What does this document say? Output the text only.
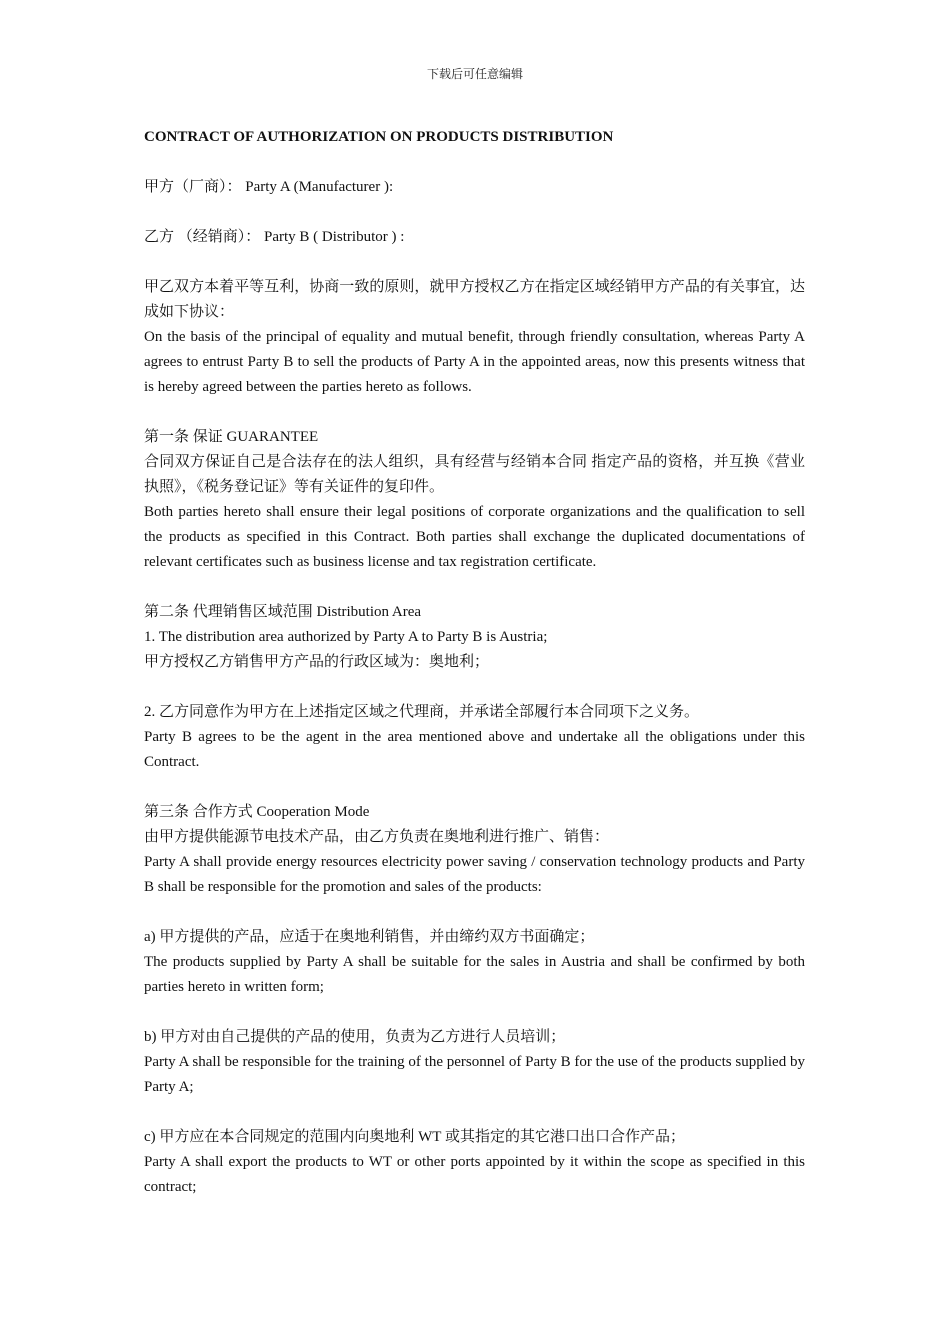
下载后可任意编辑

CONTRACT OF AUTHORIZATION ON PRODUCTS DISTRIBUTION

甲方（厂商）： Party A (Manufacturer ):

乙方 （经销商）： Party B ( Distributor ) :

甲乙双方本着平等互利，协商一致的原则，就甲方授权乙方在指定区域经销甲方产品的有关事宜，达成如下协议：

On the basis of the principal of equality and mutual benefit, through friendly consultation, whereas Party A agrees to entrust Party B to sell the products of Party A in the appointed areas, now this presents witness that is hereby agreed between the parties hereto as follows.

第一条 保证 GUARANTEE

合同双方保证自己是合法存在的法人组织，具有经营与经销本合同 指定产品的资格，并互换《营业执照》，《税务登记证》等有关证件的复印件。

Both parties hereto shall ensure their legal positions of corporate organizations and the qualification to sell the products as specified in this Contract. Both parties shall exchange the duplicated documentations of relevant certificates such as business license and tax registration certificate.

第二条 代理销售区域范围 Distribution Area

1. The distribution area authorized by Party A to Party B is Austria;

甲方授权乙方销售甲方产品的行政区域为：奥地利；

2. 乙方同意作为甲方在上述指定区域之代理商，并承诺全部履行本合同项下之义务。

Party B agrees to be the agent in the area mentioned above and undertake all the obligations under this Contract.

第三条 合作方式 Cooperation Mode

由甲方提供能源节电技术产品，由乙方负责在奥地利进行推广、销售：

Party A shall provide energy resources electricity power saving / conservation technology products and Party B shall be responsible for the promotion and sales of the products:

a) 甲方提供的产品，应适于在奥地利销售，并由缔约双方书面确定；

The products supplied by Party A shall be suitable for the sales in Austria and shall be confirmed by both parties hereto in written form;

b) 甲方对由自己提供的产品的使用，负责为乙方进行人员培训；

Party A shall be responsible for the training of the personnel of Party B for the use of the products supplied by Party A;

c) 甲方应在本合同规定的范围内向奥地利 WT 或其指定的其它港口出口合作产品；

Party A shall export the products to WT or other ports appointed by it within the scope as specified in this contract;
